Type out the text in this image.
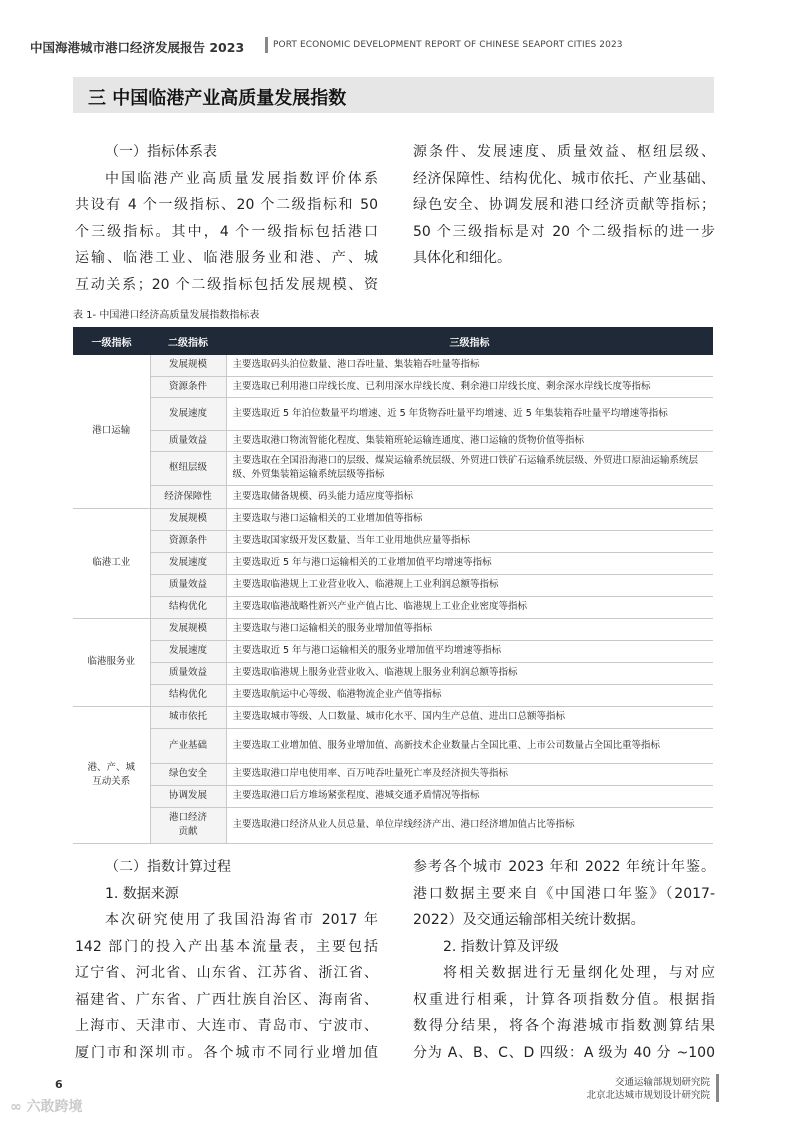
中国海港城市港口经济发展报告 2023	PORT ECONOMIC DEVELOPMENT REPORT OF CHINESE SEAPORT CITIES 2023
三 中国临港产业高质量发展指数
（一）指标体系表
中国临港产业高质量发展指数评价体系
共设有 4 个一级指标、20 个二级指标和 50
个三级指标。其中，4 个一级指标包括港口
运输、临港工业、临港服务业和港、产、城
互动关系；20 个二级指标包括发展规模、资
源条件、发展速度、质量效益、枢纽层级、
经济保障性、结构优化、城市依托、产业基础、
绿色安全、协调发展和港口经济贡献等指标；
50 个三级指标是对 20 个二级指标的进一步
具体化和细化。
表 1- 中国港口经济高质量发展指数指标表
一级指标	二级指标	三级指标
港口运输	发展规模	主要选取码头泊位数量、港口吞吐量、集装箱吞吐量等指标
	资源条件	主要选取已利用港口岸线长度、已利用深水岸线长度、剩余港口岸线长度、剩余深水岸线长度等指标
	发展速度	主要选取近 5 年泊位数量平均增速、近 5 年货物吞吐量平均增速、近 5 年集装箱吞吐量平均增速等指标
	质量效益	主要选取港口物流智能化程度、集装箱班轮运输连通度、港口运输的货物价值等指标
	枢纽层级	主要选取在全国沿海港口的层级、煤炭运输系统层级、外贸进口铁矿石运输系统层级、外贸进口原油运输系统层级、外贸集装箱运输系统层级等指标
	经济保障性	主要选取储备规模、码头能力适应度等指标
临港工业	发展规模	主要选取与港口运输相关的工业增加值等指标
	资源条件	主要选取国家级开发区数量、当年工业用地供应量等指标
	发展速度	主要选取近 5 年与港口运输相关的工业增加值平均增速等指标
	质量效益	主要选取临港规上工业营业收入、临港规上工业利润总额等指标
	结构优化	主要选取临港战略性新兴产业产值占比、临港规上工业企业密度等指标
临港服务业	发展规模	主要选取与港口运输相关的服务业增加值等指标
	发展速度	主要选取近 5 年与港口运输相关的服务业增加值平均增速等指标
	质量效益	主要选取临港规上服务业营业收入、临港规上服务业利润总额等指标
	结构优化	主要选取航运中心等级、临港物流企业产值等指标
港、产、城
互动关系	城市依托	主要选取城市等级、人口数量、城市化水平、国内生产总值、进出口总额等指标
	产业基础	主要选取工业增加值、服务业增加值、高新技术企业数量占全国比重、上市公司数量占全国比重等指标
	绿色安全	主要选取港口岸电使用率、百万吨吞吐量死亡率及经济损失等指标
	协调发展	主要选取港口后方堆场紧张程度、港城交通矛盾情况等指标
	港口经济
贡献	主要选取港口经济从业人员总量、单位岸线经济产出、港口经济增加值占比等指标
（二）指数计算过程
1. 数据来源
本次研究使用了我国沿海省市 2017 年
142 部门的投入产出基本流量表，主要包括
辽宁省、河北省、山东省、江苏省、浙江省、
福建省、广东省、广西壮族自治区、海南省、
上海市、天津市、大连市、青岛市、宁波市、
厦门市和深圳市。各个城市不同行业增加值
参考各个城市 2023 年和 2022 年统计年鉴。
港口数据主要来自《中国港口年鉴》（2017-
2022）及交通运输部相关统计数据。
2. 指数计算及评级
将相关数据进行无量纲化处理，与对应
权重进行相乘，计算各项指数分值。根据指
数得分结果，将各个海港城市指数测算结果
分为 A、B、C、D 四级：A 级为 40 分 ~100
6	交通运输部规划研究院
北京北达城市规划设计研究院
∞ 六敢跨境
